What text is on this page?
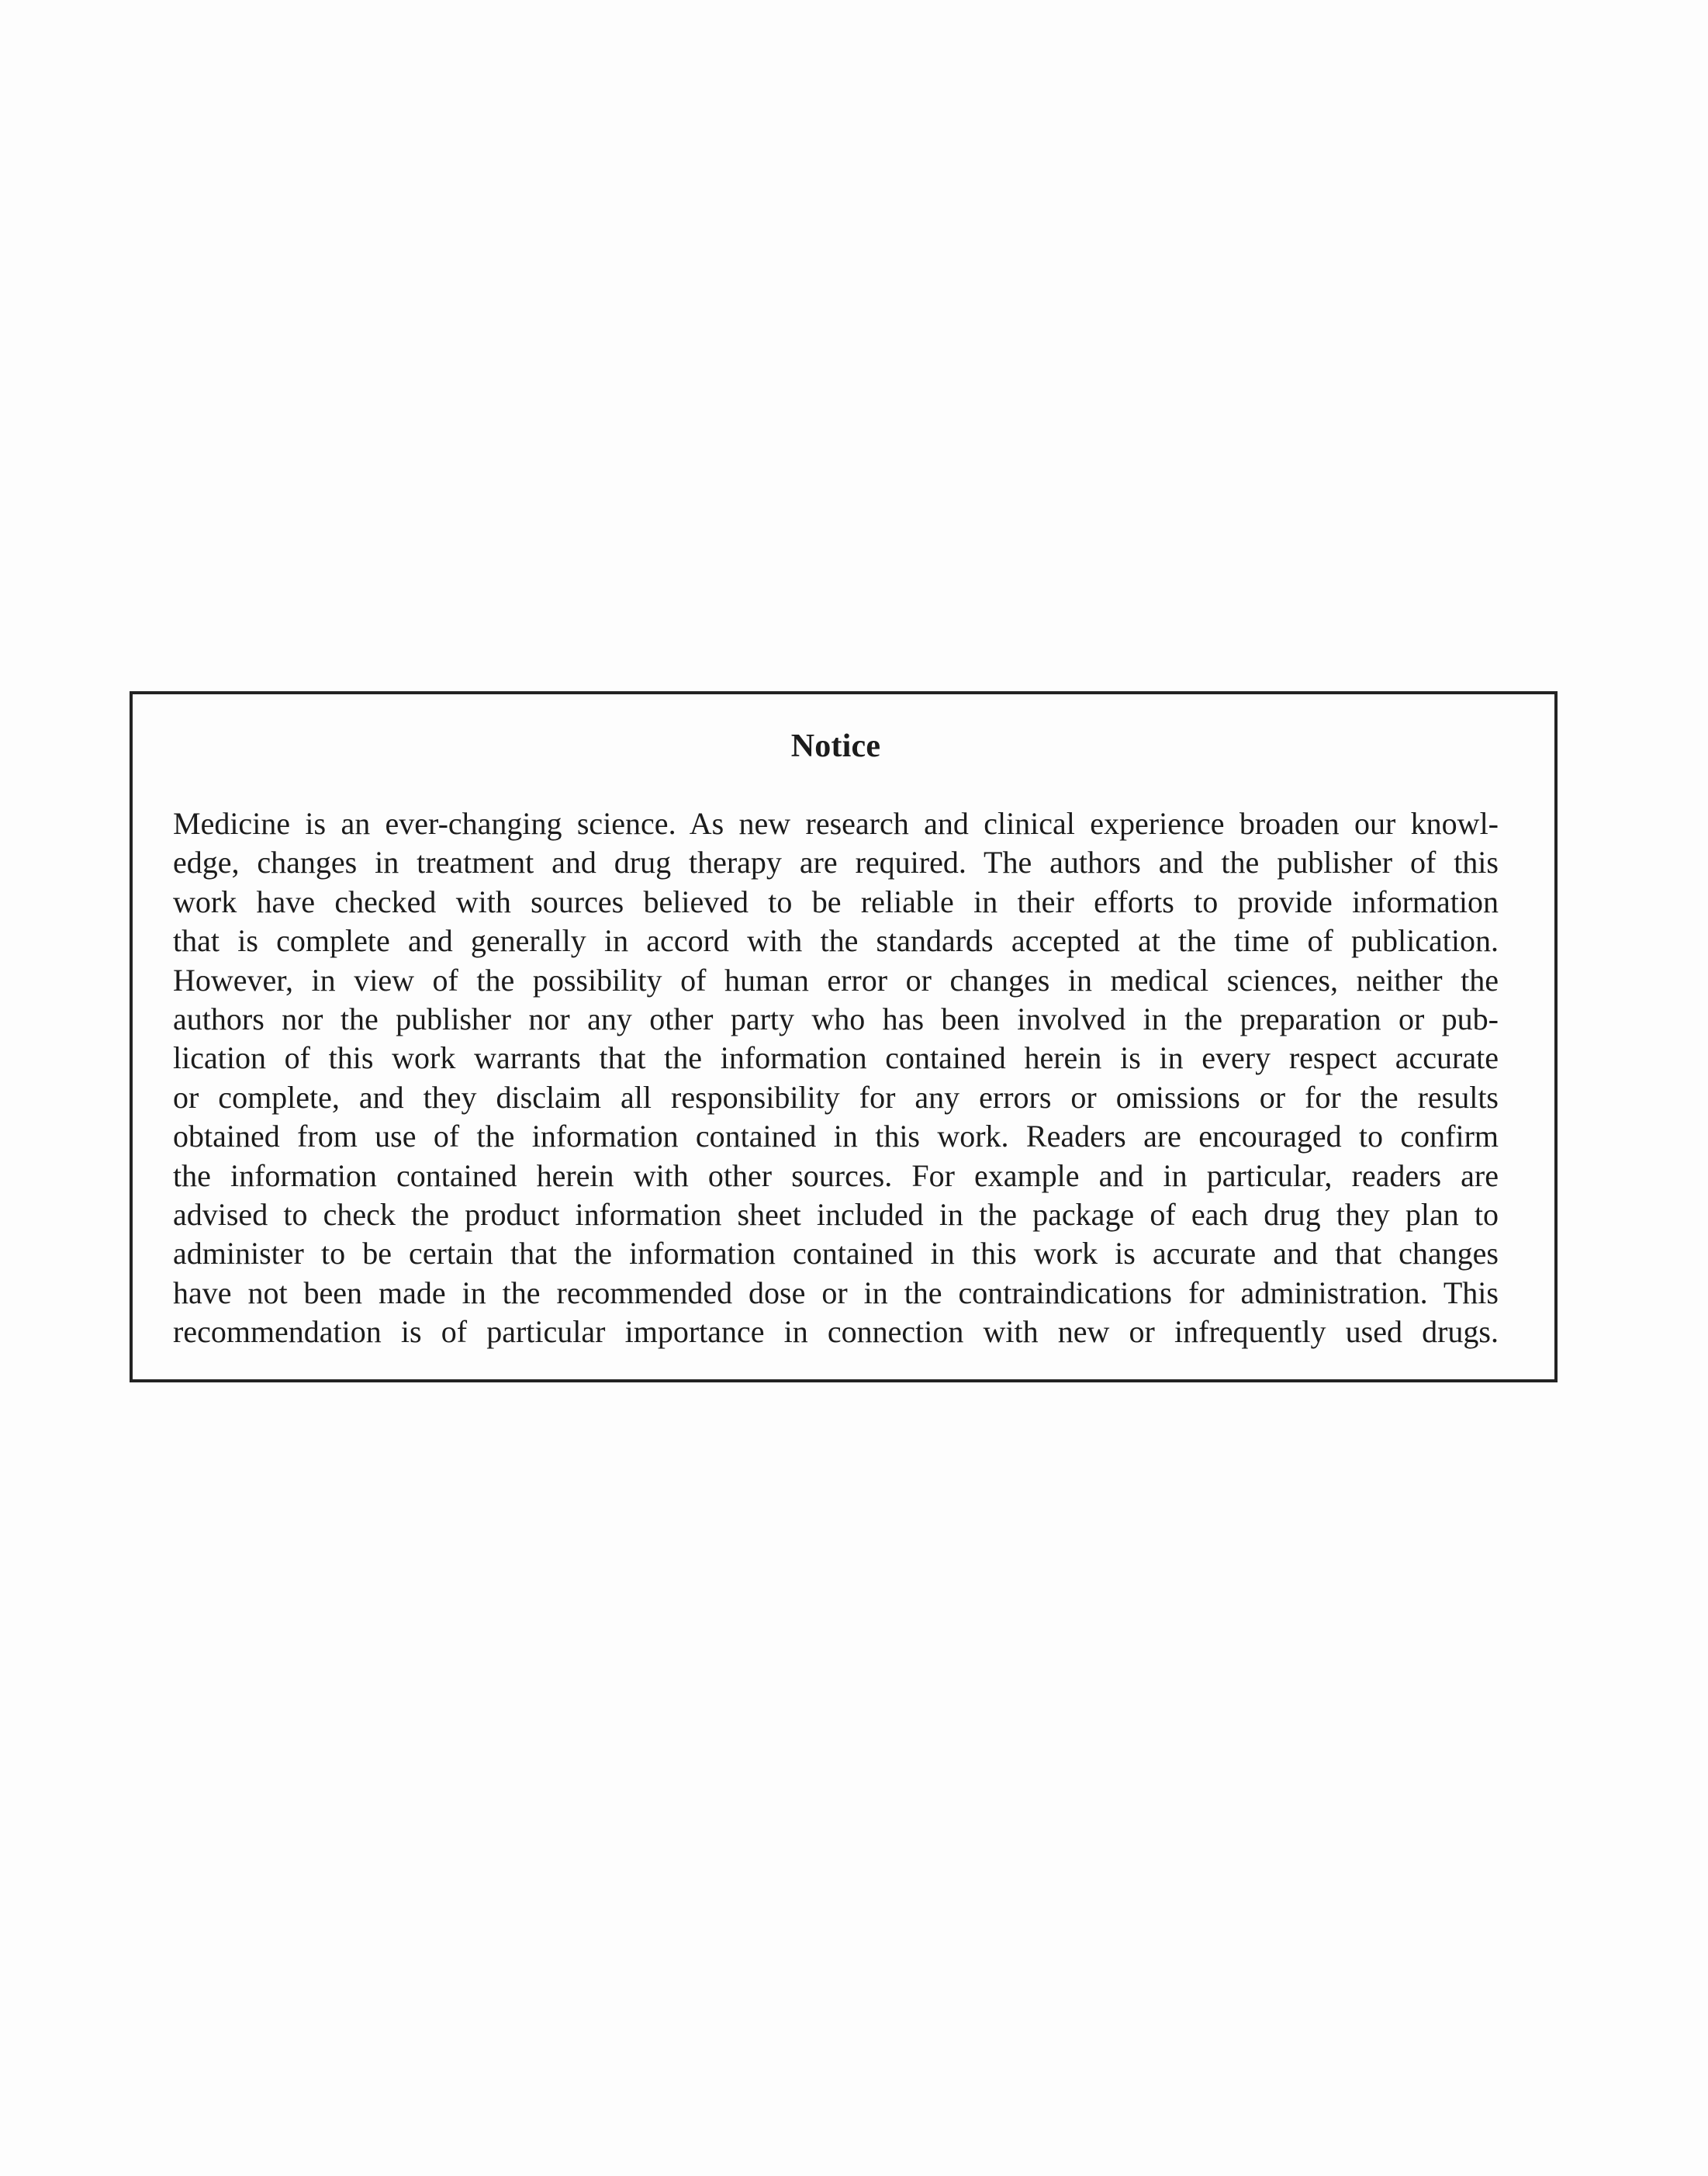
Notice
Medicine is an ever-changing science. As new research and clinical experience broaden our knowl-
edge, changes in treatment and drug therapy are required. The authors and the publisher of this
work have checked with sources believed to be reliable in their efforts to provide information
that is complete and generally in accord with the standards accepted at the time of publication.
However, in view of the possibility of human error or changes in medical sciences, neither the
authors nor the publisher nor any other party who has been involved in the preparation or pub-
lication of this work warrants that the information contained herein is in every respect accurate
or complete, and they disclaim all responsibility for any errors or omissions or for the results
obtained from use of the information contained in this work. Readers are encouraged to confirm
the information contained herein with other sources. For example and in particular, readers are
advised to check the product information sheet included in the package of each drug they plan to
administer to be certain that the information contained in this work is accurate and that changes
have not been made in the recommended dose or in the contraindications for administration. This
recommendation is of particular importance in connection with new or infrequently used drugs.
